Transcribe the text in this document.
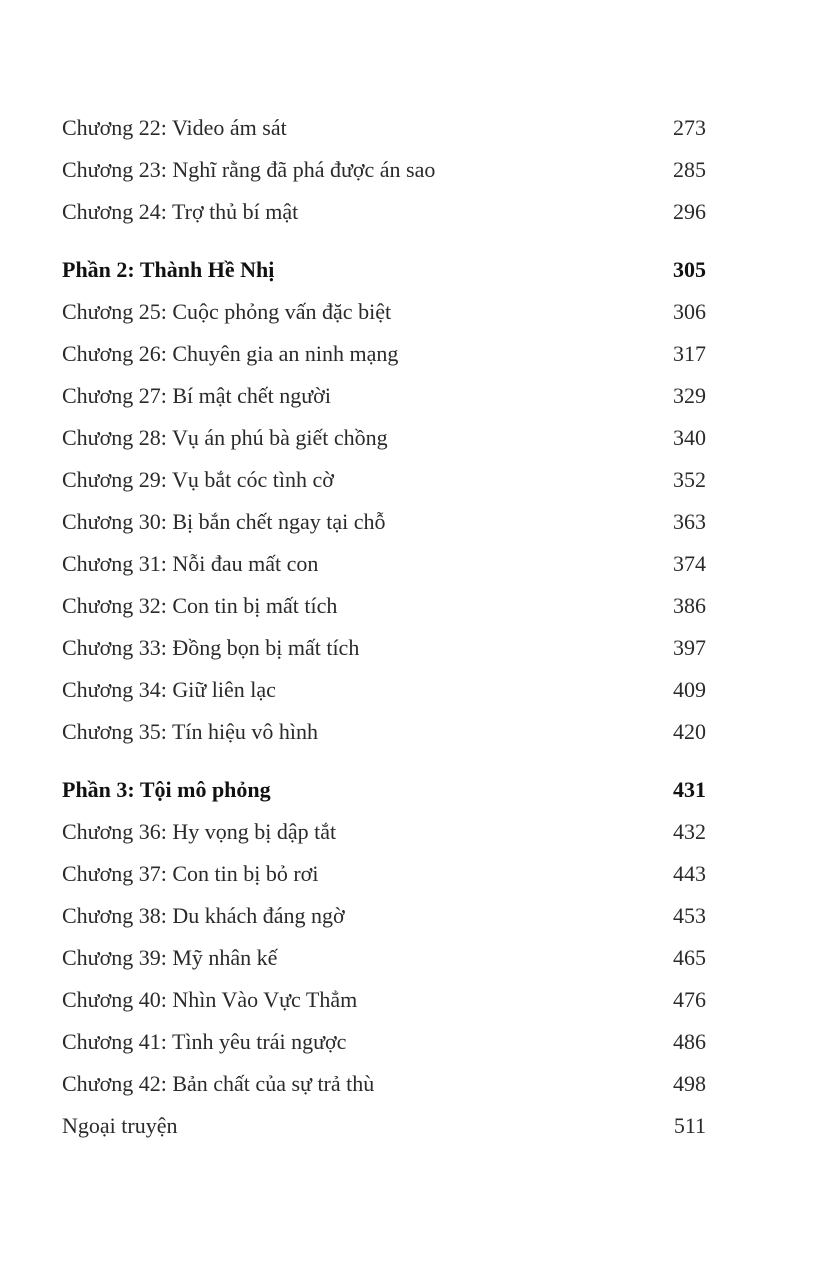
Chương 22: Video ám sát	273
Chương 23: Nghĩ rằng đã phá được án sao	285
Chương 24: Trợ thủ bí mật	296
Phần 2: Thành Hề Nhị	305
Chương 25: Cuộc phỏng vấn đặc biệt	306
Chương 26: Chuyên gia an ninh mạng	317
Chương 27: Bí mật chết người	329
Chương 28: Vụ án phú bà giết chồng	340
Chương 29: Vụ bắt cóc tình cờ	352
Chương 30: Bị bắn chết ngay tại chỗ	363
Chương 31: Nỗi đau mất con	374
Chương 32: Con tin bị mất tích	386
Chương 33: Đồng bọn bị mất tích	397
Chương 34: Giữ liên lạc	409
Chương 35: Tín hiệu vô hình	420
Phần 3: Tội mô phỏng	431
Chương 36: Hy vọng bị dập tắt	432
Chương 37: Con tin bị bỏ rơi	443
Chương 38: Du khách đáng ngờ	453
Chương 39: Mỹ nhân kế	465
Chương 40: Nhìn Vào Vực Thẳm	476
Chương 41: Tình yêu trái ngược	486
Chương 42: Bản chất của sự trả thù	498
Ngoại truyện	511
